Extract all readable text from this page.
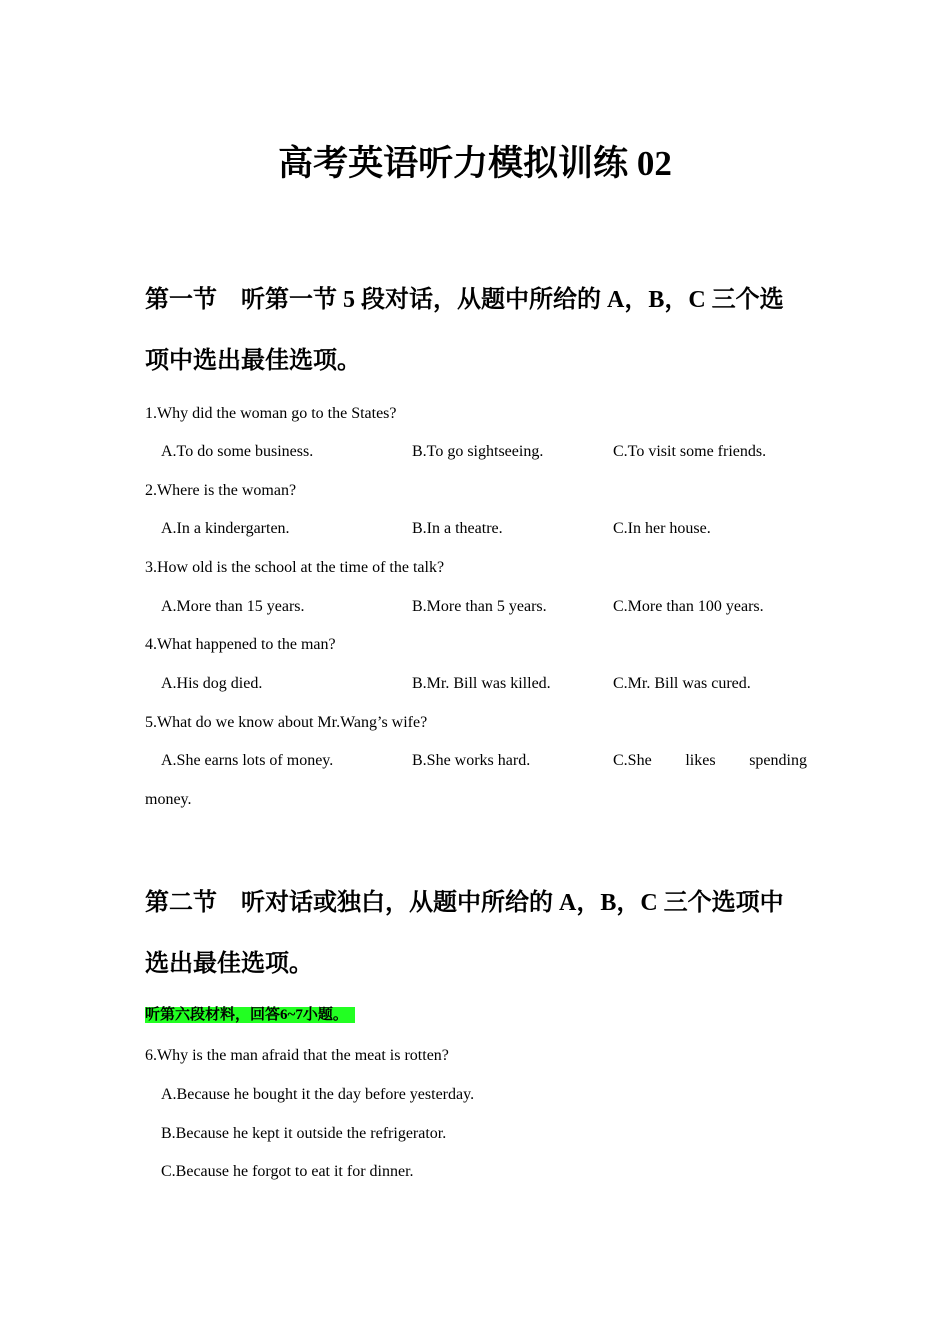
高考英语听力模拟训练 02
第一节　听第一节 5 段对话，从题中所给的 A，B，C 三个选项中选出最佳选项。
1.Why did the woman go to the States?
A.To do some business.	B.To go sightseeing.	C.To visit some friends.
2.Where is the woman?
A.In a kindergarten.	B.In a theatre.	C.In her house.
3.How old is the school at the time of the talk?
A.More than 15 years.	B.More than 5 years.	C.More than 100 years.
4.What happened to the man?
A.His dog died.	B.Mr. Bill was killed.	C.Mr. Bill was cured.
5.What do we know about Mr.Wang’s wife?
A.She earns lots of money.	B.She works hard.	C.She likes spending
money.
第二节　听对话或独白，从题中所给的 A，B，C 三个选项中选出最佳选项。
听第六段材料，回答6~7小题。
6.Why is the man afraid that the meat is rotten?
A.Because he bought it the day before yesterday.
B.Because he kept it outside the refrigerator.
C.Because he forgot to eat it for dinner.
